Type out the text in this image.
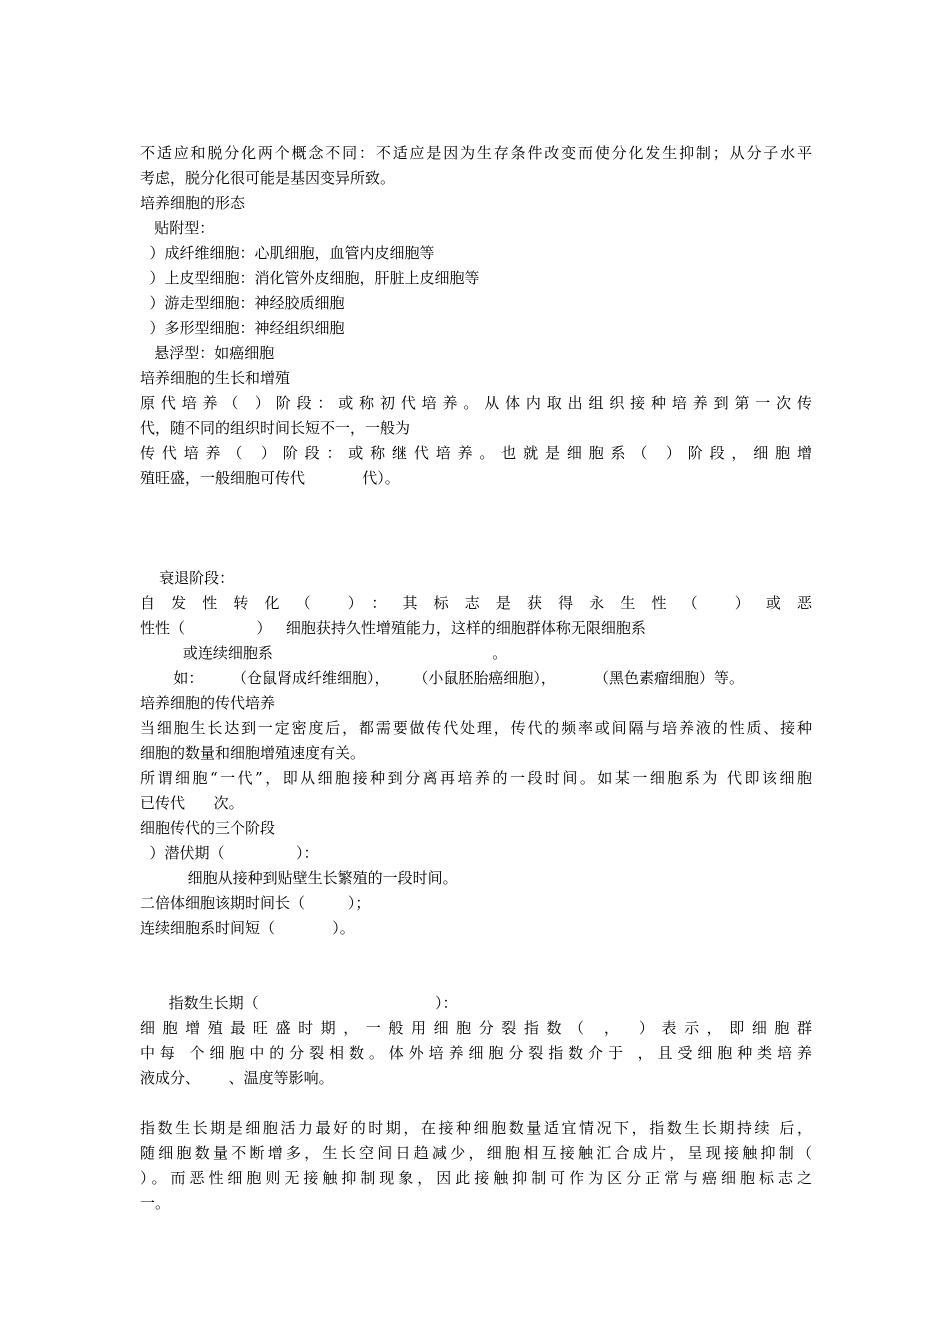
不适应和脱分化两个概念不同：不适应是因为生存条件改变而使分化发生抑制；从分子水平
考虑，脱分化很可能是基因变异所致。
培养细胞的形态
贴附型：
）成纤维细胞：心肌细胞，血管内皮细胞等
）上皮型细胞：消化管外皮细胞，肝脏上皮细胞等
）游走型细胞：神经胶质细胞
）多形型细胞：神经组织细胞
悬浮型：如癌细胞
培养细胞的生长和增殖
原代培养（ ）阶段：或称初代培养。从体内取出组织接种培养到第一次传
代，随不同的组织时间长短不一，一般为
传代培养（ ）阶段：或称继代培养。也就是细胞系（ ）阶段，细胞增
殖旺盛，一般细胞可传代            代）。
衰退阶段：
自发性转化（ ）：其标志是获得永生性（ ）或恶
性性（               ）   细胞获持久性增殖能力，这样的细胞群体称无限细胞系
或连续细胞系                                              。
如：      （仓鼠肾成纤维细胞），     （小鼠胚胎癌细胞），        （黑色素瘤细胞）等。
培养细胞的传代培养
当细胞生长达到一定密度后，都需要做传代处理，传代的频率或间隔与培养液的性质、接种
细胞的数量和细胞增殖速度有关。
所谓细胞“一代”，即从细胞接种到分离再培养的一段时间。如某一细胞系为 代即该细胞
已传代      次。
细胞传代的三个阶段
）潜伏期（               ）：
细胞从接种到贴壁生长繁殖的一段时间。
二倍体细胞该期时间长（         ）；
连续细胞系时间短（            ）。
指数生长期（                                     ）：
细胞增殖最旺盛时期，一般用细胞分裂指数（ ， ）表示，即细胞群
中每 个细胞中的分裂相数。体外培养细胞分裂指数介于 ，且受细胞种类培养
液成分、      、温度等影响。
指数生长期是细胞活力最好的时期，在接种细胞数量适宜情况下，指数生长期持续 后，
随细胞数量不断增多，生长空间日趋减少，细胞相互接触汇合成片，呈现接触抑制（
）。而恶性细胞则无接触抑制现象，因此接触抑制可作为区分正常与癌细胞标志之
一。
